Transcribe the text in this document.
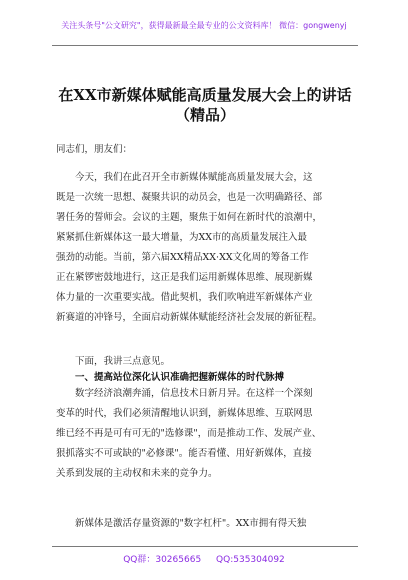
关注头条号"公文研究"，获得最新最全最专业的公文资料库！ 微信：gongwenyj
在XX市新媒体赋能高质量发展大会上的讲话
（精品）
同志们，朋友们：
今天，我们在此召开全市新媒体赋能高质量发展大会，这
既是一次统一思想、凝聚共识的动员会，也是一次明确路径、部
署任务的誓师会。会议的主题，聚焦于如何在新时代的浪潮中，
紧紧抓住新媒体这一最大增量，为XX市的高质量发展注入最
强劲的动能。当前，第六届XX精品XX·XX文化周的筹备工作
正在紧锣密鼓地进行，这正是我们运用新媒体思维、展现新媒
体力量的一次重要实战。借此契机，我们吹响进军新媒体产业
新赛道的冲锋号，全面启动新媒体赋能经济社会发展的新征程。
下面，我讲三点意见。
一、提高站位深化认识准确把握新媒体的时代脉搏
数字经济浪潮奔涌，信息技术日新月异。在这样一个深刻
变革的时代，我们必须清醒地认识到，新媒体思维、互联网思
维已经不再是可有可无的"选修课"，而是推动工作、发展产业、
狠抓落实不可或缺的"必修课"。能否看懂、用好新媒体，直接
关系到发展的主动权和未来的竞争力。
新媒体是激活存量资源的"数字杠杆"。XX市拥有得天独
QQ群：30265665 QQ:535304092
